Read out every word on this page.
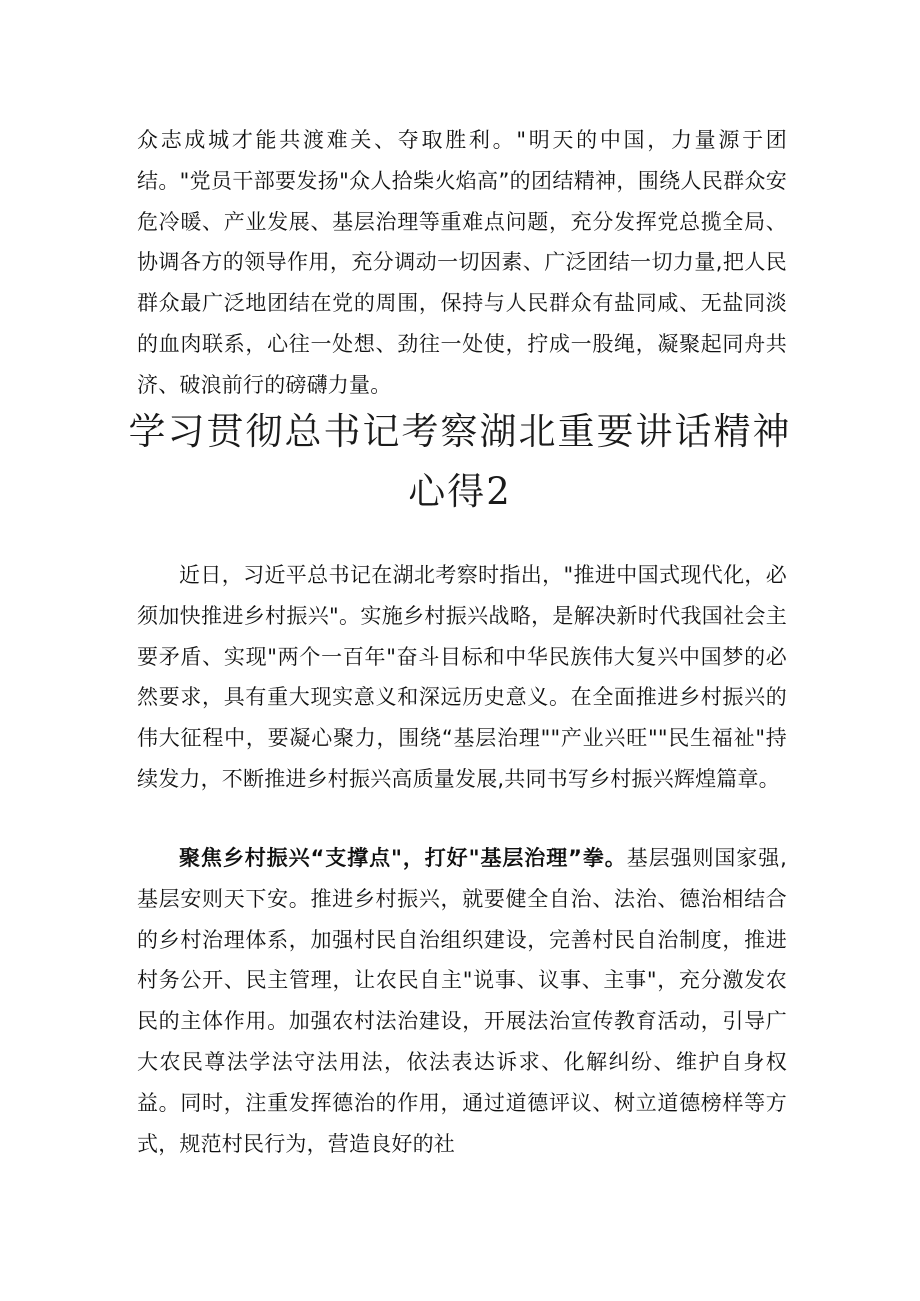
众志成城才能共渡难关、夺取胜利。"明天的中国，力量源于团结。"党员干部要发扬"众人拾柴火焰高”的团结精神，围绕人民群众安危冷暖、产业发展、基层治理等重难点问题，充分发挥党总揽全局、协调各方的领导作用，充分调动一切因素、广泛团结一切力量,把人民群众最广泛地团结在党的周围，保持与人民群众有盐同咸、无盐同淡的血肉联系，心往一处想、劲往一处使，拧成一股绳，凝聚起同舟共济、破浪前行的磅礴力量。

学习贯彻总书记考察湖北重要讲话精神心得2

近日，习近平总书记在湖北考察时指出，"推进中国式现代化，必须加快推进乡村振兴"。实施乡村振兴战略，是解决新时代我国社会主要矛盾、实现"两个一百年"奋斗目标和中华民族伟大复兴中国梦的必然要求，具有重大现实意义和深远历史意义。在全面推进乡村振兴的伟大征程中，要凝心聚力，围绕“基层治理""产业兴旺""民生福祉"持续发力，不断推进乡村振兴高质量发展,共同书写乡村振兴辉煌篇章。

聚焦乡村振兴“支撑点"，打好"基层治理”拳。基层强则国家强,基层安则天下安。推进乡村振兴，就要健全自治、法治、德治相结合的乡村治理体系，加强村民自治组织建设，完善村民自治制度，推进村务公开、民主管理，让农民自主"说事、议事、主事"，充分激发农民的主体作用。加强农村法治建设，开展法治宣传教育活动，引导广大农民尊法学法守法用法，依法表达诉求、化解纠纷、维护自身权益。同时，注重发挥德治的作用，通过道德评议、树立道德榜样等方式，规范村民行为，营造良好的社
